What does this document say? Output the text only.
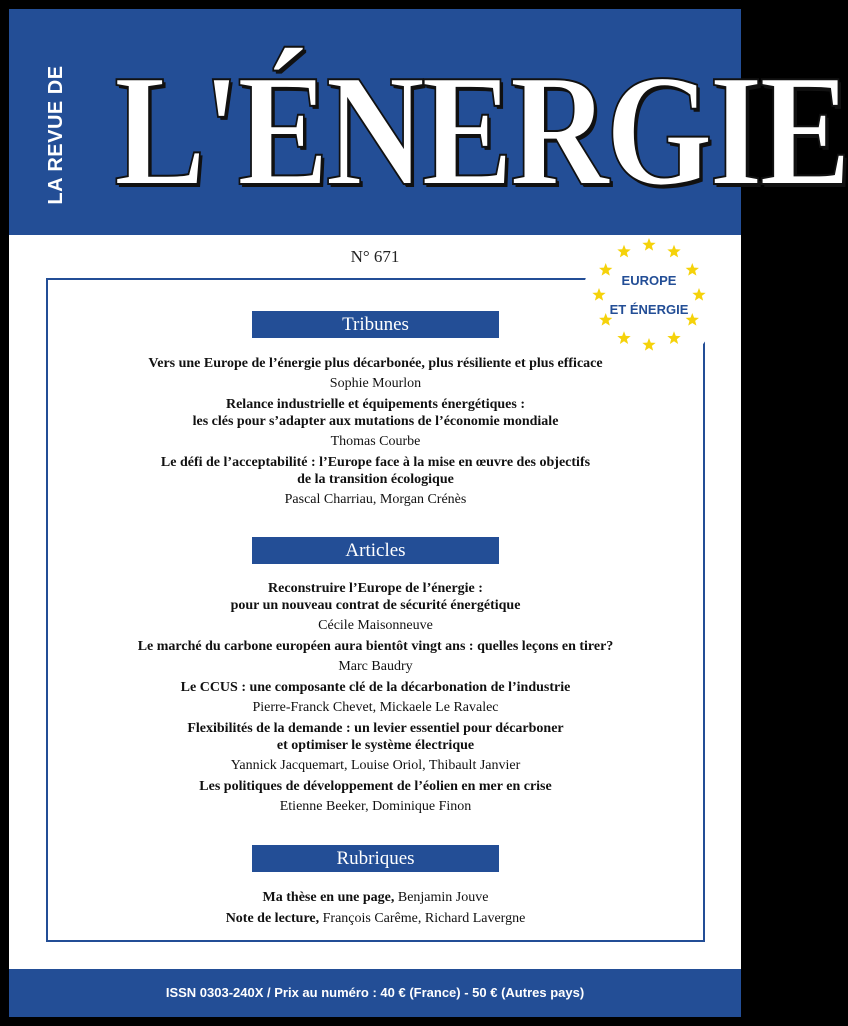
LA REVUE DE L'ÉNERGIE
N° 671
EUROPE
ET ÉNERGIE
Tribunes
Vers une Europe de l’énergie plus décarbonée, plus résiliente et plus efficace
Sophie Mourlon
Relance industrielle et équipements énergétiques :
les clés pour s’adapter aux mutations de l’économie mondiale
Thomas Courbe
Le défi de l’acceptabilité : l’Europe face à la mise en œuvre des objectifs
de la transition écologique
Pascal Charriau, Morgan Crénès
Articles
Reconstruire l’Europe de l’énergie :
pour un nouveau contrat de sécurité énergétique
Cécile Maisonneuve
Le marché du carbone européen aura bientôt vingt ans : quelles leçons en tirer?
Marc Baudry
Le CCUS : une composante clé de la décarbonation de l’industrie
Pierre-Franck Chevet, Mickaele Le Ravalec
Flexibilités de la demande : un levier essentiel pour décarboner
et optimiser le système électrique
Yannick Jacquemart, Louise Oriol, Thibault Janvier
Les politiques de développement de l’éolien en mer en crise
Etienne Beeker, Dominique Finon
Rubriques
Ma thèse en une page, Benjamin Jouve
Note de lecture, François Carême, Richard Lavergne
ISSN 0303-240X / Prix au numéro : 40 € (France) - 50 € (Autres pays)
